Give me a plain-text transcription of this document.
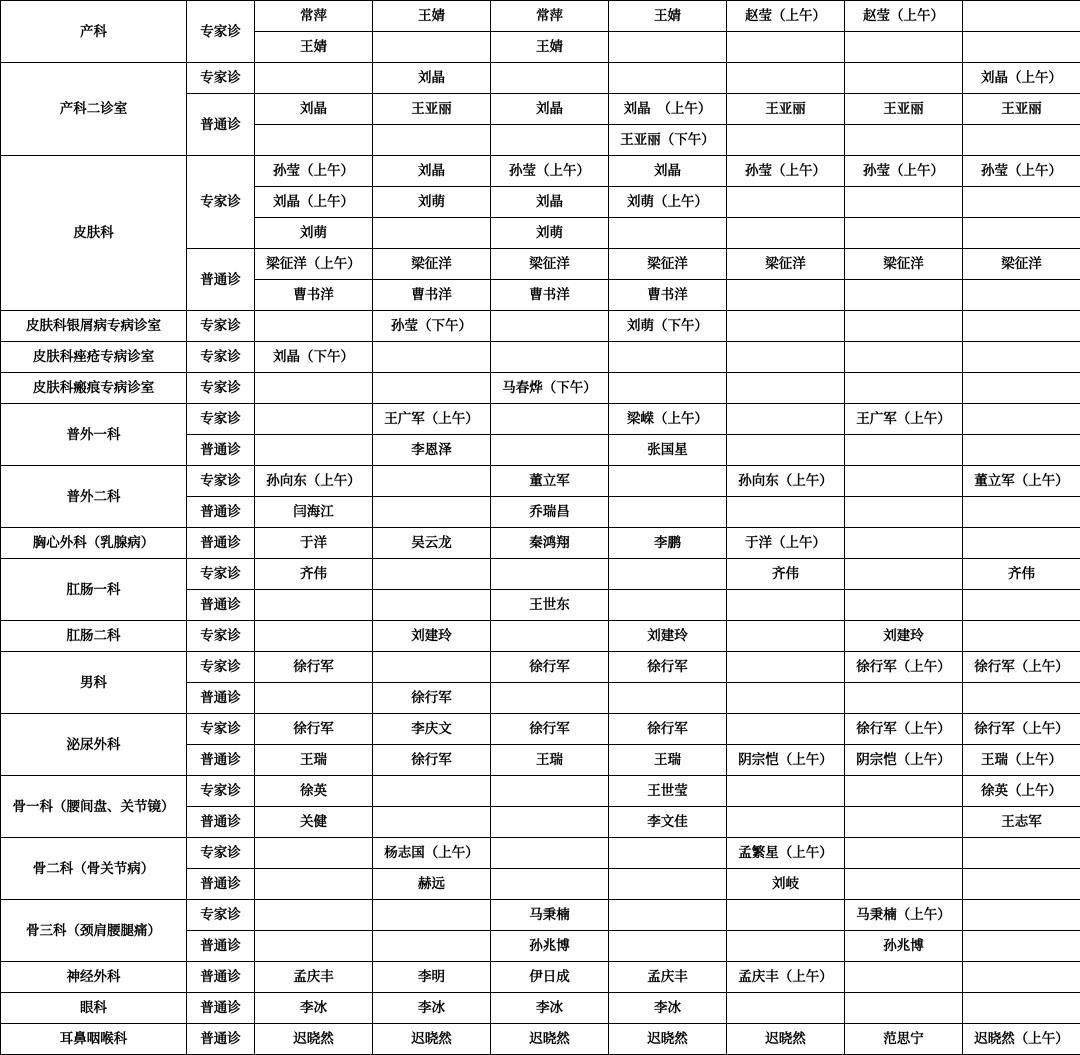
产科	专家诊	常萍	王婧	常萍	王婧	赵莹（上午）	赵莹（上午）	
		王婧		王婧				
产科二诊室	专家诊		刘晶					刘晶（上午）
	普通诊	刘晶	王亚丽	刘晶	刘晶　（上午）	王亚丽	王亚丽	王亚丽
					王亚丽（下午）			
皮肤科	专家诊	孙莹（上午）	刘晶	孙莹（上午）	刘晶	孙莹（上午）	孙莹（上午）	孙莹（上午）
		刘晶（上午）	刘萌	刘晶	刘萌（上午）			
		刘萌		刘萌				
	普通诊	梁征洋（上午）	梁征洋	梁征洋	梁征洋	梁征洋	梁征洋	梁征洋
		曹书洋	曹书洋	曹书洋	曹书洋			
皮肤科银屑病专病诊室	专家诊		孙莹（下午）		刘萌（下午）			
皮肤科痤疮专病诊室	专家诊	刘晶（下午）						
皮肤科瘢痕专病诊室	专家诊			马春烨（下午）				
普外一科	专家诊		王广军（上午）		梁嵘（上午）		王广军（上午）	
	普通诊		李恩泽		张国星			
普外二科	专家诊	孙向东（上午）		董立军		孙向东（上午）		董立军（上午）
	普通诊	闫海江		乔瑞昌				
胸心外科（乳腺病）	普通诊	于洋	吴云龙	秦鸿翔	李鹏	于洋（上午）		
肛肠一科	专家诊	齐伟				齐伟		齐伟
	普通诊			王世东				
肛肠二科	专家诊		刘建玲		刘建玲		刘建玲	
男科	专家诊	徐行军		徐行军	徐行军		徐行军（上午）	徐行军（上午）
	普通诊		徐行军					
泌尿外科	专家诊	徐行军	李庆文	徐行军	徐行军		徐行军（上午）	徐行军（上午）
	普通诊	王瑞	徐行军	王瑞	王瑞	阴宗恺（上午）	阴宗恺（上午）	王瑞（上午）
骨一科（腰间盘、关节镜）	专家诊	徐英			王世莹			徐英（上午）
	普通诊	关健			李文佳			王志军
骨二科（骨关节病）	专家诊		杨志国（上午）			孟繁星（上午）		
	普通诊		赫远			刘岐		
骨三科（颈肩腰腿痛）	专家诊			马秉楠			马秉楠（上午）	
	普通诊			孙兆博			孙兆博	
神经外科	普通诊	孟庆丰	李明	伊日成	孟庆丰	孟庆丰（上午）		
眼科	普通诊	李冰	李冰	李冰	李冰			
耳鼻咽喉科	普通诊	迟晓然	迟晓然	迟晓然	迟晓然	迟晓然	范思宁	迟晓然（上午）
